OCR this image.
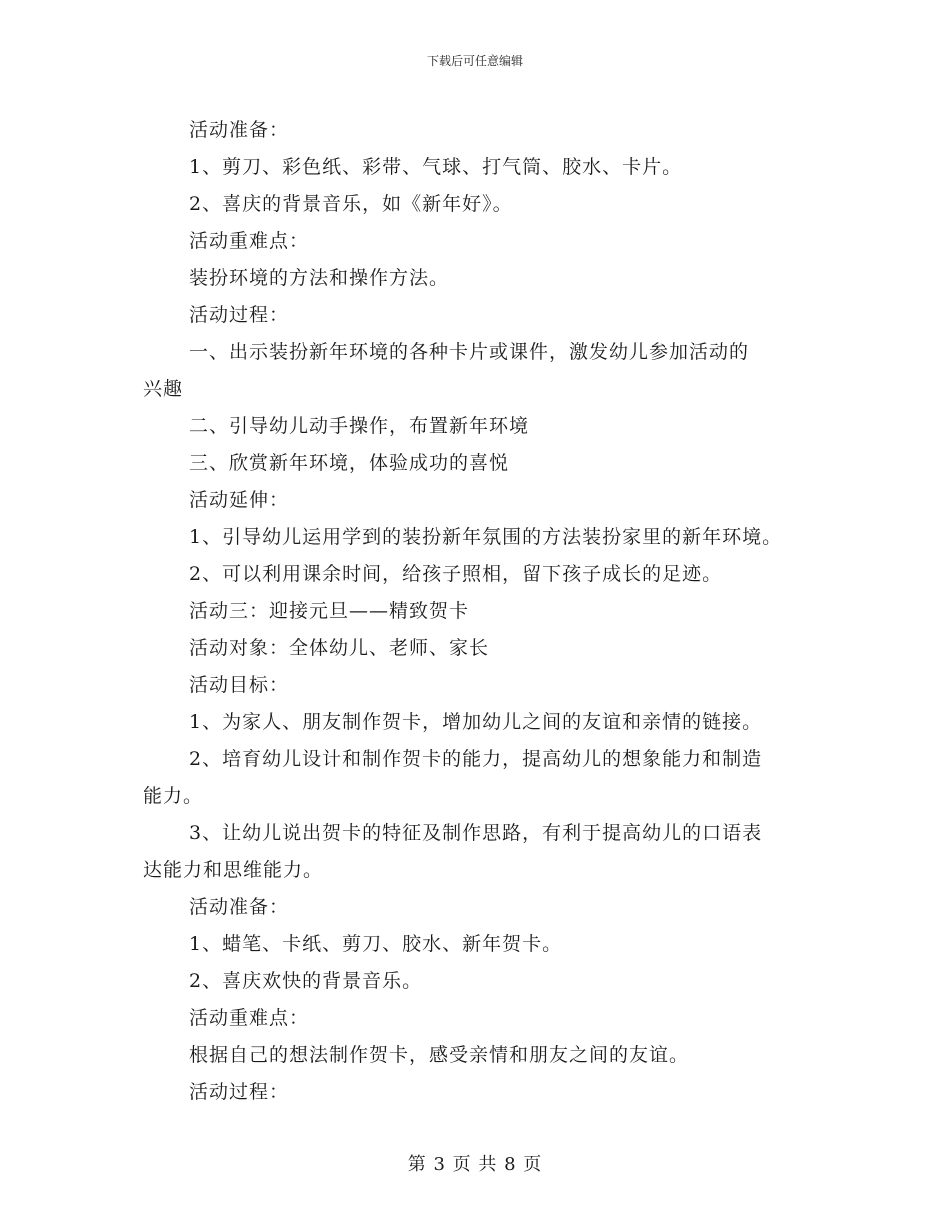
下载后可任意编辑
活动准备：
1、剪刀、彩色纸、彩带、气球、打气筒、胶水、卡片。
2、喜庆的背景音乐，如《新年好》。
活动重难点：
装扮环境的方法和操作方法。
活动过程：
一、出示装扮新年环境的各种卡片或课件，激发幼儿参加活动的
兴趣
二、引导幼儿动手操作，布置新年环境
三、欣赏新年环境，体验成功的喜悦
活动延伸：
1、引导幼儿运用学到的装扮新年氛围的方法装扮家里的新年环境。
2、可以利用课余时间，给孩子照相，留下孩子成长的足迹。
活动三：迎接元旦——精致贺卡
活动对象：全体幼儿、老师、家长
活动目标：
1、为家人、朋友制作贺卡，增加幼儿之间的友谊和亲情的链接。
2、培育幼儿设计和制作贺卡的能力，提高幼儿的想象能力和制造
能力。
3、让幼儿说出贺卡的特征及制作思路，有利于提高幼儿的口语表
达能力和思维能力。
活动准备：
1、蜡笔、卡纸、剪刀、胶水、新年贺卡。
2、喜庆欢快的背景音乐。
活动重难点：
根据自己的想法制作贺卡，感受亲情和朋友之间的友谊。
活动过程：
第 3 页 共 8 页
